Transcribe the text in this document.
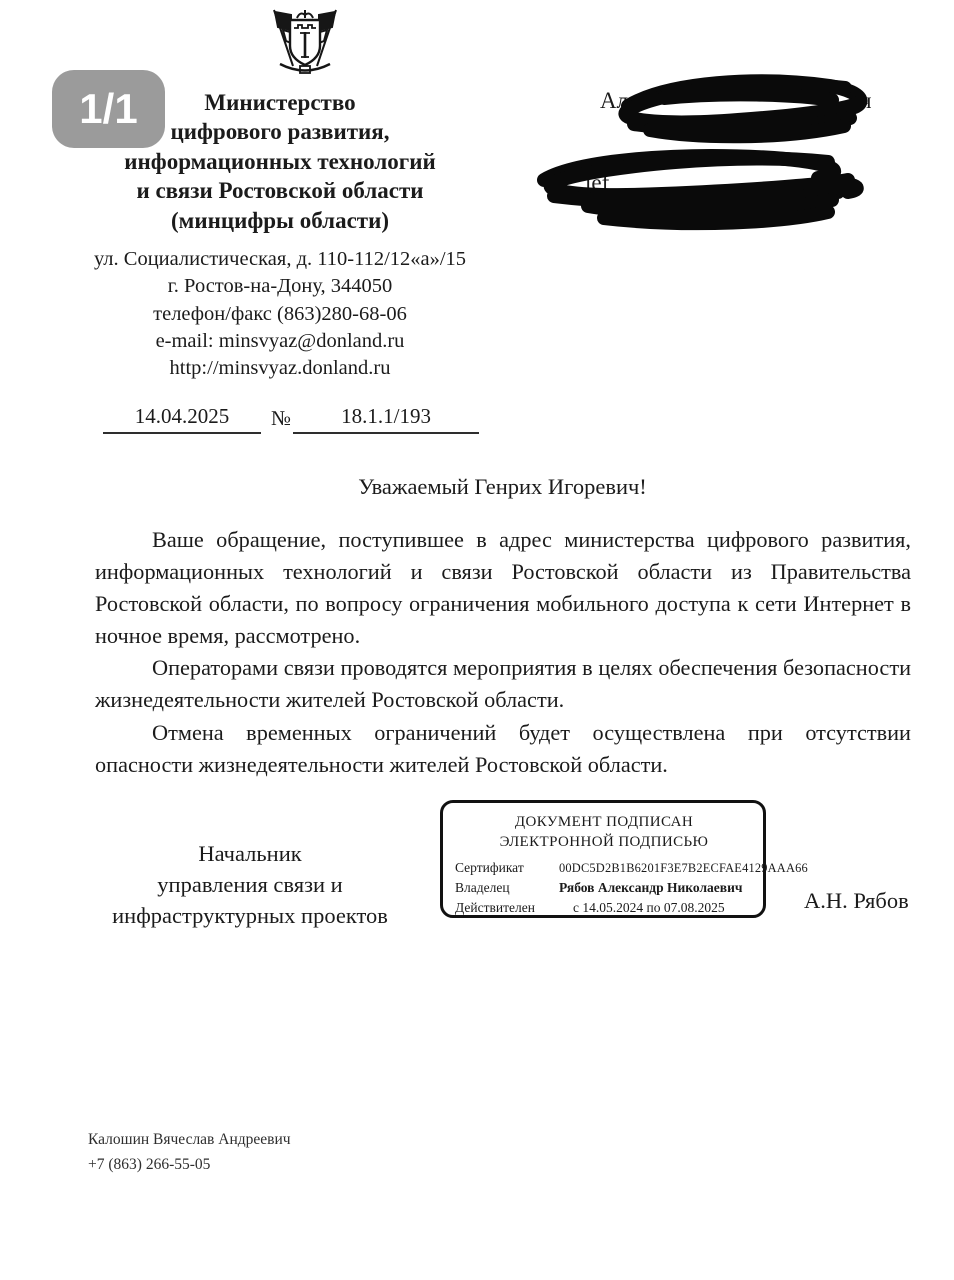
1/1	Министерство
цифрового развития,
информационных технологий
и связи Ростовской области
(минцифры области)
ул. Социалистическая, д. 110-112/12«а»/15
г. Ростов-на-Дону, 344050
телефон/факс (863)280-68-06
e-mail: minsvyaz@donland.ru
http://minsvyaz.donland.ru
Ал	ч
lef	om
14.04.2025	№	18.1.1/193
Уважаемый Генрих Игоревич!

Ваше обращение, поступившее в адрес министерства цифрового развития, информационных технологий и связи Ростовской области из Правительства Ростовской области, по вопросу ограничения мобильного доступа к сети Интернет в ночное время, рассмотрено.

Операторами связи проводятся мероприятия в целях обеспечения безопасности жизнедеятельности жителей Ростовской области.

Отмена временных ограничений будет осуществлена при отсутствии опасности жизнедеятельности жителей Ростовской области.

Начальник
управления связи и
инфраструктурных проектов
ДОКУМЕНТ ПОДПИСАН
ЭЛЕКТРОННОЙ ПОДПИСЬЮ
Сертификат	00DC5D2B1B6201F3E7B2ECFAE4129AAA66
Владелец	Рябов Александр Николаевич
Действителен	с 14.05.2024 по 07.08.2025	А.Н. Рябов
Калошин Вячеслав Андреевич
+7 (863) 266-55-05
